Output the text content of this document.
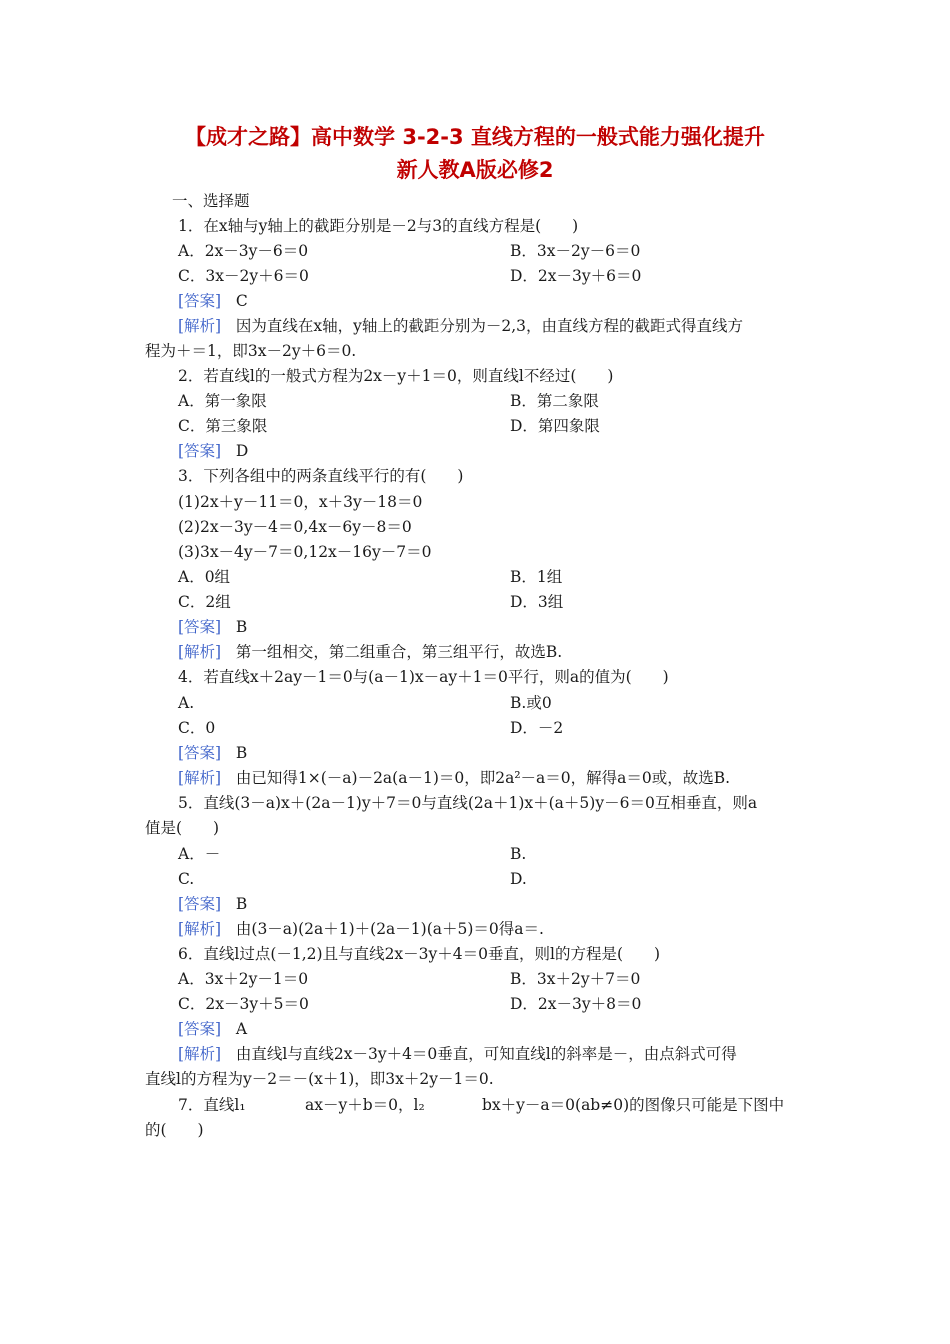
【成才之路】高中数学 3-2-3 直线方程的一般式能力强化提升
新人教A版必修2
一、选择题
1．在x轴与y轴上的截距分别是－2与3的直线方程是(　　)
A．2x－3y－6＝0	B．3x－2y－6＝0
C．3x－2y＋6＝0	D．2x－3y＋6＝0
[答案] C
[解析] 因为直线在x轴，y轴上的截距分别为－2,3，由直线方程的截距式得直线方
程为＋＝1，即3x－2y＋6＝0.
2．若直线l的一般式方程为2x－y＋1＝0，则直线l不经过(　　)
A．第一象限	B．第二象限
C．第三象限	D．第四象限
[答案] D
3．下列各组中的两条直线平行的有(　　)
(1)2x＋y－11＝0，x＋3y－18＝0
(2)2x－3y－4＝0,4x－6y－8＝0
(3)3x－4y－7＝0,12x－16y－7＝0
A．0组	B．1组
C．2组	D．3组
[答案] B
[解析] 第一组相交，第二组重合，第三组平行，故选B.
4．若直线x＋2ay－1＝0与(a－1)x－ay＋1＝0平行，则a的值为(　　)
A.	B.或0
C．0	D．－2
[答案] B
[解析] 由已知得1×(－a)－2a(a－1)＝0，即2a²－a＝0，解得a＝0或，故选B.
5．直线(3－a)x＋(2a－1)y＋7＝0与直线(2a＋1)x＋(a＋5)y－6＝0互相垂直，则a
值是(　　)
A．－	B.
C.	D.
[答案] B
[解析] 由(3－a)(2a＋1)＋(2a－1)(a＋5)＝0得a＝.
6．直线l过点(－1,2)且与直线2x－3y＋4＝0垂直，则l的方程是(　　)
A．3x＋2y－1＝0	B．3x＋2y＋7＝0
C．2x－3y＋5＝0	D．2x－3y＋8＝0
[答案] A
[解析] 由直线l与直线2x－3y＋4＝0垂直，可知直线l的斜率是－，由点斜式可得
直线l的方程为y－2＝－(x＋1)，即3x＋2y－1＝0.
7．直线l₁	ax－y＋b＝0，l₂	bx＋y－a＝0(ab≠0)的图像只可能是下图中
的(　　)
